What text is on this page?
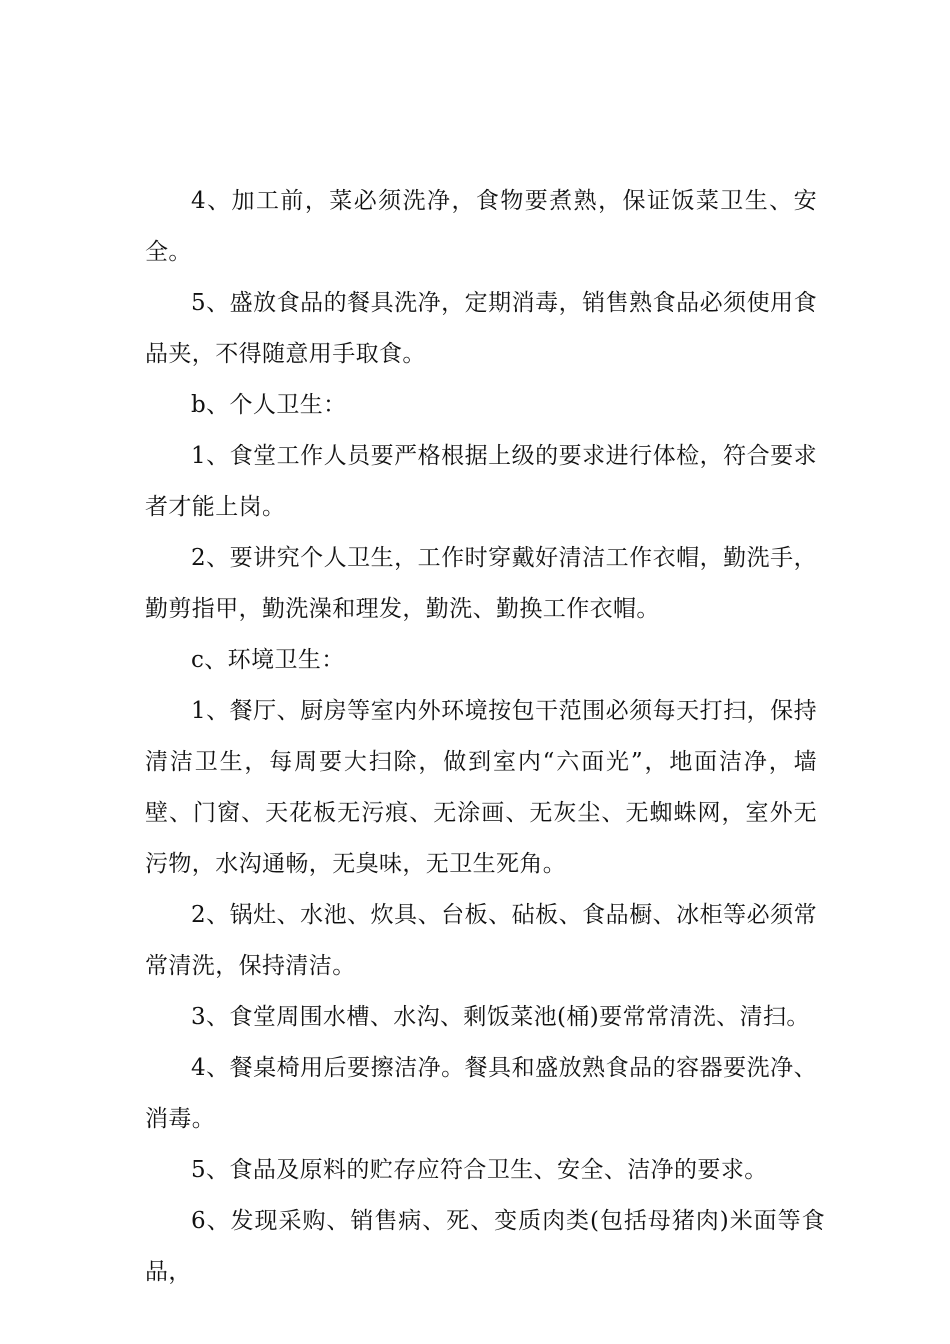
4、加工前，菜必须洗净，食物要煮熟，保证饭菜卫生、安全。

5、盛放食品的餐具洗净，定期消毒，销售熟食品必须使用食品夹，不得随意用手取食。

b、个人卫生：

1、食堂工作人员要严格根据上级的要求进行体检，符合要求者才能上岗。

2、要讲究个人卫生，工作时穿戴好清洁工作衣帽，勤洗手，勤剪指甲，勤洗澡和理发，勤洗、勤换工作衣帽。

c、环境卫生：

1、餐厅、厨房等室内外环境按包干范围必须每天打扫，保持清洁卫生，每周要大扫除，做到室内“六面光”，地面洁净，墙壁、门窗、天花板无污痕、无涂画、无灰尘、无蜘蛛网，室外无污物，水沟通畅，无臭味，无卫生死角。

2、锅灶、水池、炊具、台板、砧板、食品橱、冰柜等必须常常清洗，保持清洁。

3、食堂周围水槽、水沟、剩饭菜池(桶)要常常清洗、清扫。

4、餐桌椅用后要擦洁净。餐具和盛放熟食品的容器要洗净、消毒。

5、食品及原料的贮存应符合卫生、安全、洁净的要求。

6、发现采购、销售病、死、变质肉类(包括母猪肉)米面等食品，
